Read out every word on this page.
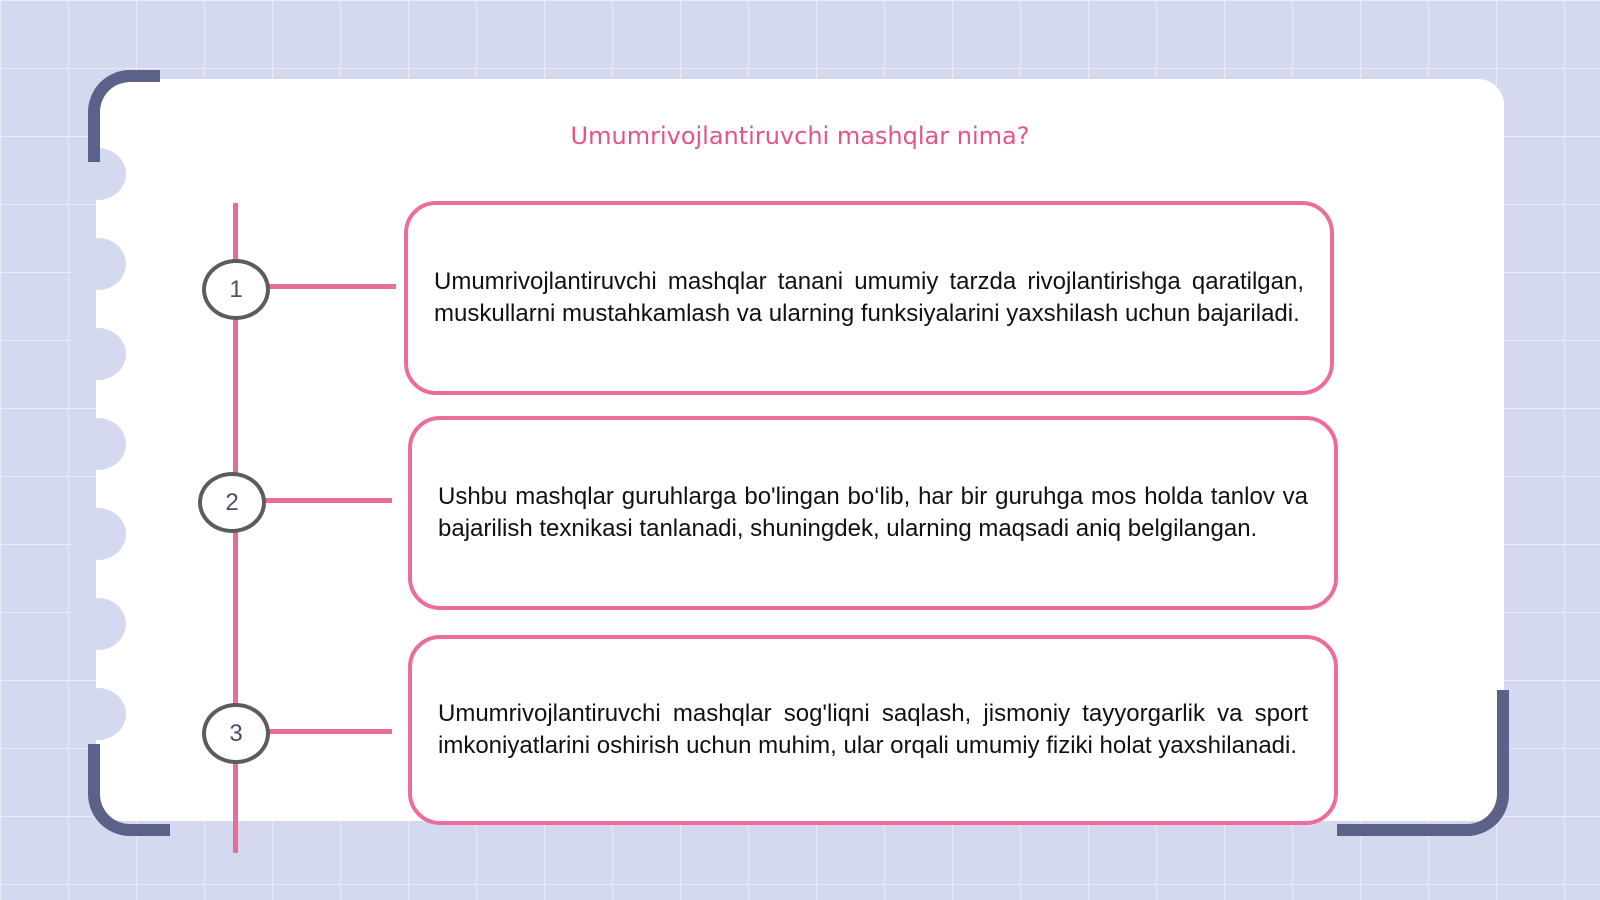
Umumrivojlantiruvchi mashqlar nima?
1
2
3

Umumrivojlantiruvchi mashqlar tanani umumiy tarzda rivojlantirishga qaratilgan, muskullarni mustahkamlash va ularning funksiyalarini yaxshilash uchun bajariladi.

Ushbu mashqlar guruhlarga bo'lingan bo‘lib, har bir guruhga mos holda tanlov va bajarilish texnikasi tanlanadi, shuningdek, ularning maqsadi aniq belgilangan.

Umumrivojlantiruvchi mashqlar sog'liqni saqlash, jismoniy tayyorgarlik va sport imkoniyatlarini oshirish uchun muhim, ular orqali umumiy fiziki holat yaxshilanadi.
